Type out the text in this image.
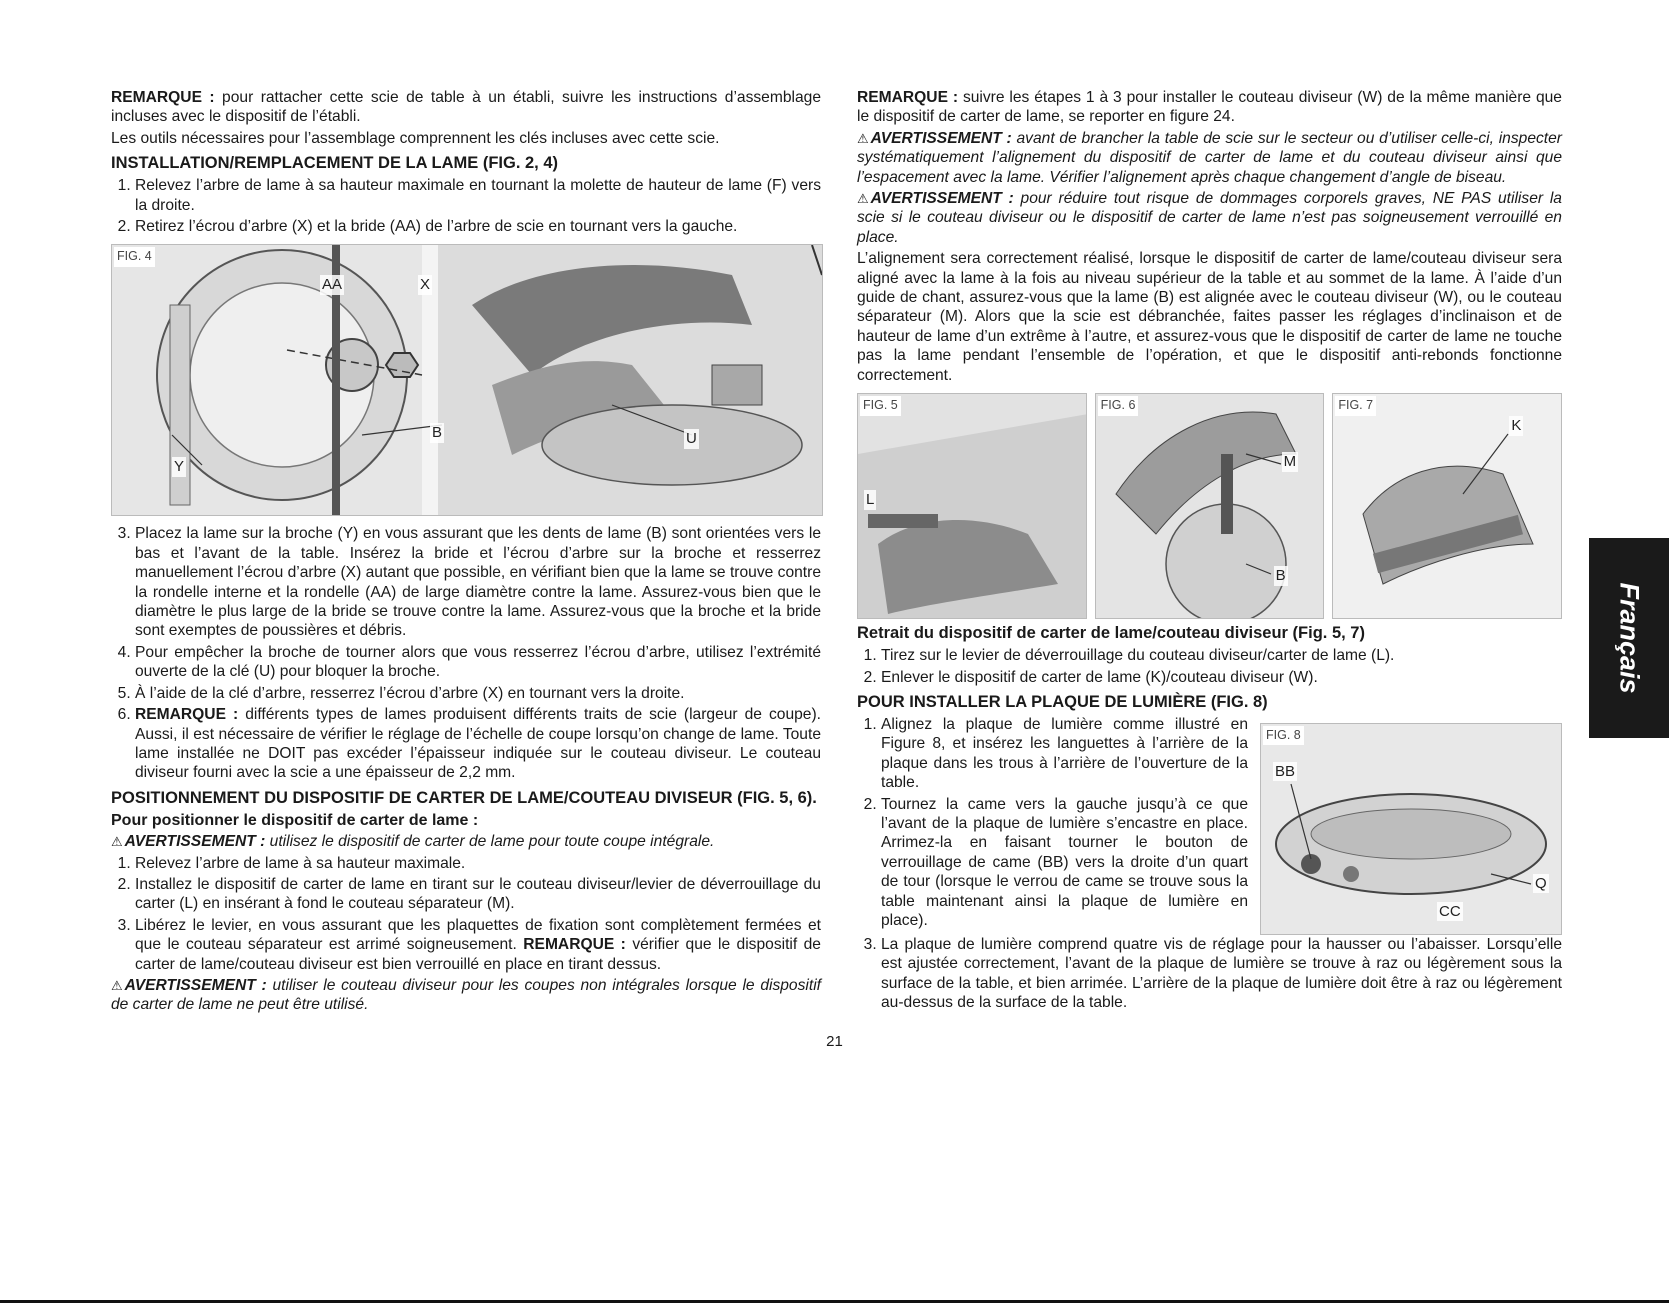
REMARQUE : pour rattacher cette scie de table à un établi, suivre les instructions d’assemblage incluses avec le dispositif de l’établi.

Les outils nécessaires pour l’assemblage comprennent les clés incluses avec cette scie.

INSTALLATION/REMPLACEMENT DE LA LAME (FIG. 2, 4)
1. Relevez l’arbre de lame à sa hauteur maximale en tournant la molette de hauteur de lame (F) vers la droite.
2. Retirez l’écrou d’arbre (X) et la bride (AA) de l’arbre de scie en tournant vers la gauche.
FIG. 4
AA	X
B	U
Y
3. Placez la lame sur la broche (Y) en vous assurant que les dents de lame (B) sont orientées vers le bas et l’avant de la table. Insérez la bride et l’écrou d’arbre sur la broche et resserrez manuellement l’écrou d’arbre (X) autant que possible, en vérifiant bien que la lame se trouve contre la rondelle interne et la rondelle (AA) de large diamètre contre la lame. Assurez-vous bien que le diamètre le plus large de la bride se trouve contre la lame. Assurez-vous que la broche et la bride sont exemptes de poussières et débris.
4. Pour empêcher la broche de tourner alors que vous resserrez l’écrou d’arbre, utilisez l’extrémité ouverte de la clé (U) pour bloquer la broche.
5. À l’aide de la clé d’arbre, resserrez l’écrou d’arbre (X) en tournant vers la droite.
6. REMARQUE : différents types de lames produisent différents traits de scie (largeur de coupe). Aussi, il est nécessaire de vérifier le réglage de l’échelle de coupe lorsqu’on change de lame. Toute lame installée ne DOIT pas excéder l’épaisseur indiquée sur le couteau diviseur. Le couteau diviseur fourni avec la scie a une épaisseur de 2,2 mm.
POSITIONNEMENT DU DISPOSITIF DE CARTER DE LAME/COUTEAU DIVISEUR (FIG. 5, 6).

Pour positionner le dispositif de carter de lame :

⚠ AVERTISSEMENT : utilisez le dispositif de carter de lame pour toute coupe intégrale.

1. Relevez l’arbre de lame à sa hauteur maximale.
2. Installez le dispositif de carter de lame en tirant sur le couteau diviseur/levier de déverrouillage du carter (L) en insérant à fond le couteau séparateur (M).
3. Libérez le levier, en vous assurant que les plaquettes de fixation sont complètement fermées et que le couteau séparateur est arrimé soigneusement. REMARQUE : vérifier que le dispositif de carter de lame/couteau diviseur est bien verrouillé en place en tirant dessus.

⚠ AVERTISSEMENT : utiliser le couteau diviseur pour les coupes non intégrales lorsque le dispositif de carter de lame ne peut être utilisé.

REMARQUE : suivre les étapes 1 à 3 pour installer le couteau diviseur (W) de la même manière que le dispositif de carter de lame, se reporter en figure 24.

⚠ AVERTISSEMENT : avant de brancher la table de scie sur le secteur ou d’utiliser celle-ci, inspecter systématiquement l’alignement du dispositif de carter de lame et du couteau diviseur ainsi que l’espacement avec la lame. Vérifier l’alignement après chaque changement d’angle de biseau.

⚠ AVERTISSEMENT : pour réduire tout risque de dommages corporels graves, NE PAS utiliser la scie si le couteau diviseur ou le dispositif de carter de lame n’est pas soigneusement verrouillé en place.

L’alignement sera correctement réalisé, lorsque le dispositif de carter de lame/couteau diviseur sera aligné avec la lame à la fois au niveau supérieur de la table et au sommet de la lame. À l’aide d’un guide de chant, assurez-vous que la lame (B) est alignée avec le couteau diviseur (W), ou le couteau séparateur (M). Alors que la scie est débranchée, faites passer les réglages d’inclinaison et de hauteur de lame d’un extrême à l’autre, et assurez-vous que le dispositif de carter de lame ne touche pas la lame pendant l’ensemble de l’opération, et que le dispositif anti-rebonds fonctionne correctement.

FIG. 5
L
FIG. 6
M
B
FIG. 7
K
Retrait du dispositif de carter de lame/couteau diviseur (Fig. 5, 7)
1. Tirez sur le levier de déverrouillage du couteau diviseur/carter de lame (L).
2. Enlever le dispositif de carter de lame (K)/couteau diviseur (W).
POUR INSTALLER LA PLAQUE DE LUMIÈRE (FIG. 8)
1. Alignez la plaque de lumière comme illustré en Figure 8, et insérez les languettes à l’arrière de la plaque dans les trous à l’arrière de l’ouverture de la table.
2. Tournez la came vers la gauche jusqu’à ce que l’avant de la plaque de lumière s’encastre en place. Arrimez-la en faisant tourner le bouton de verrouillage de came (BB) vers la droite d’un quart de tour (lorsque le verrou de came se trouve sous la table maintenant ainsi la plaque de lumière en place).
FIG. 8
BB
Q
CC
3. La plaque de lumière comprend quatre vis de réglage pour la hausser ou l’abaisser. Lorsqu’elle est ajustée correctement, l’avant de la plaque de lumière se trouve à raz ou légèrement sous la surface de la table, et bien arrimée. L’arrière de la plaque de lumière doit être à raz ou légèrement au-dessus de la surface de la table.
Français
21
